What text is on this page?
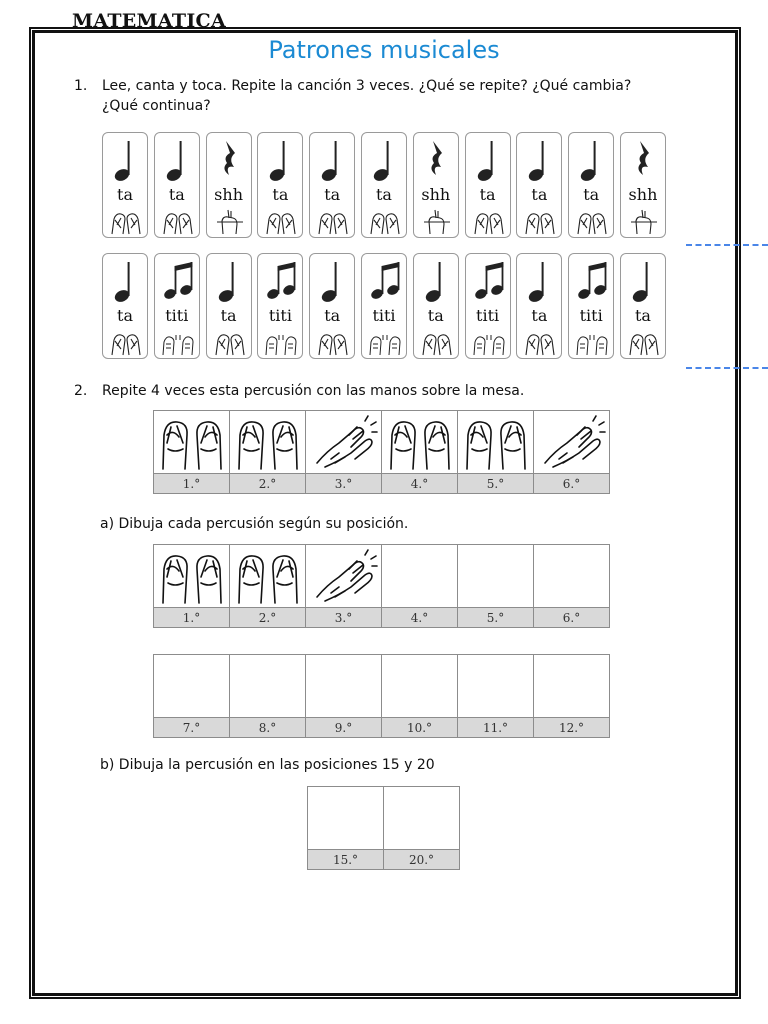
MATEMATICA
Patrones musicales
1. Lee, canta y toca. Repite la canción 3 veces. ¿Qué se repite? ¿Qué cambia?
¿Qué continua?
ta	ta	shh	ta	ta	ta	shh	ta	ta	ta	shh
ta	titi	ta	titi	ta	titi	ta	titi	ta	titi	ta
2. Repite 4 veces esta percusión con las manos sobre la mesa.

1.°	2.°	3.°	4.°	5.°	6.°
a) Dibuja cada percusión según su posición.

1.°	2.°	3.°	4.°	5.°	6.°

7.°	8.°	9.°	10.°	11.°	12.°
b) Dibuja la percusión en las posiciones 15 y 20

15.°	20.°
